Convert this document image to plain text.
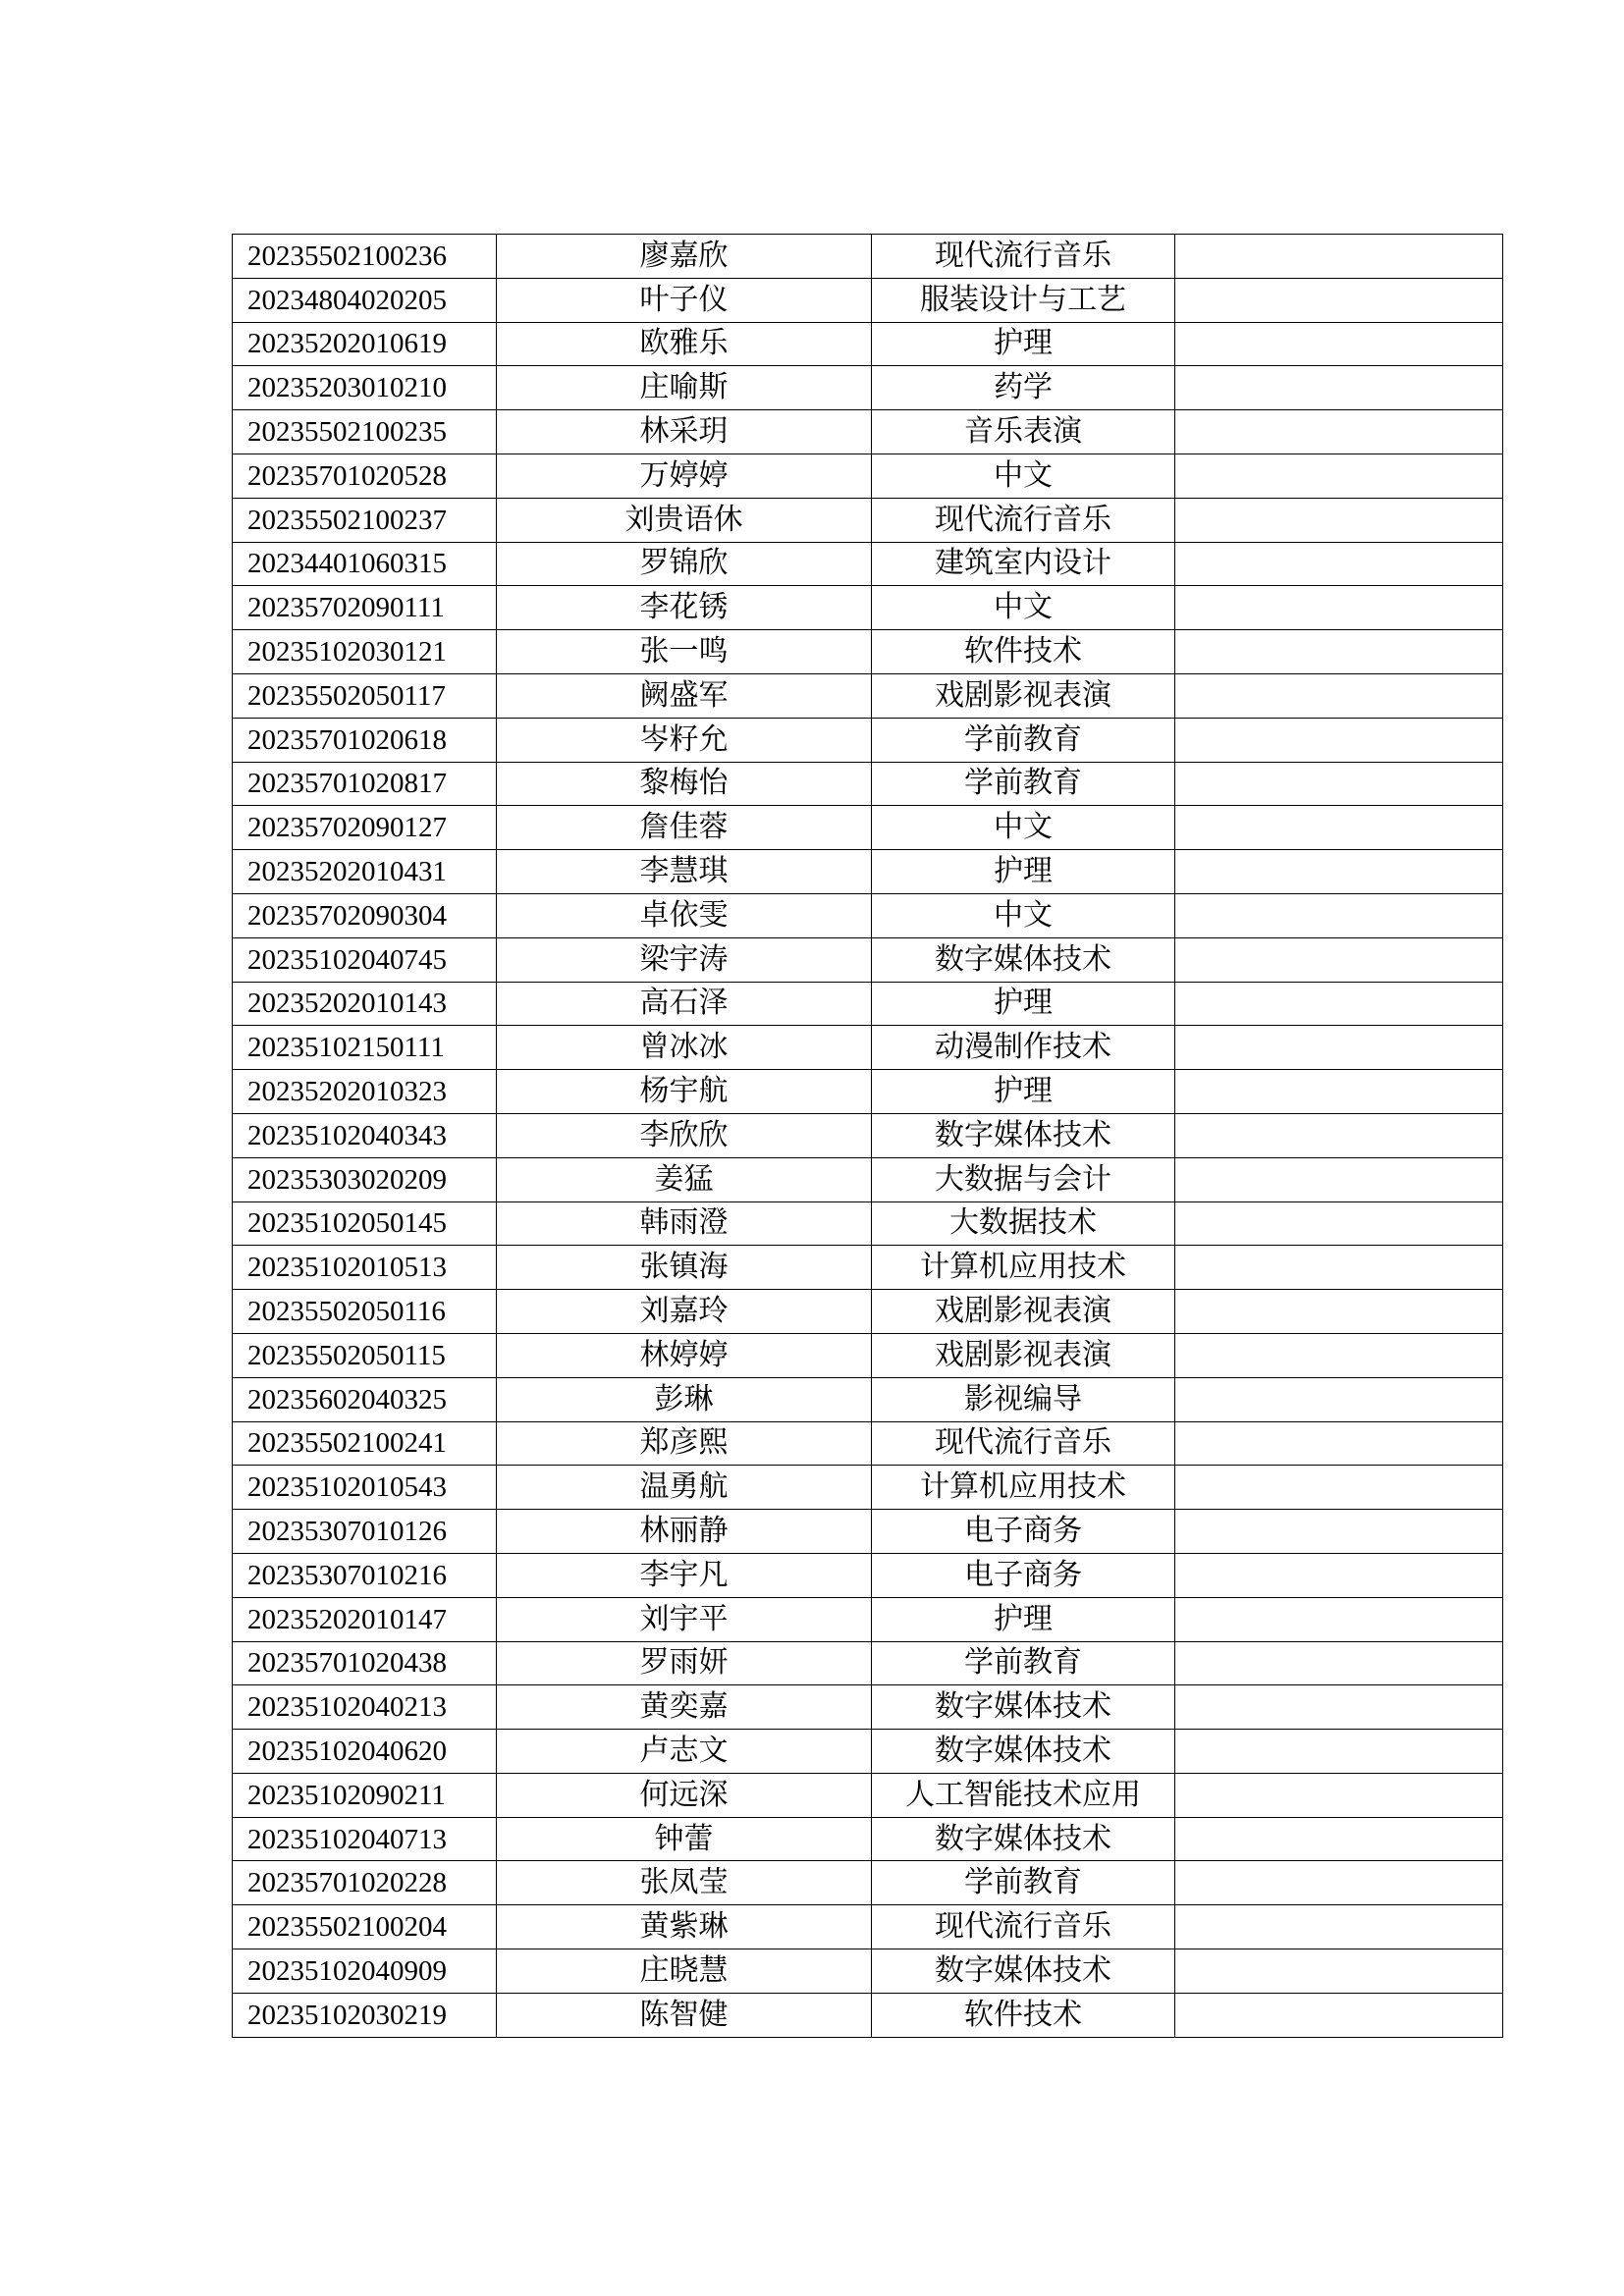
20235502100236	廖嘉欣	现代流行音乐	
20234804020205	叶子仪	服装设计与工艺	
20235202010619	欧雅乐	护理	
20235203010210	庄喻斯	药学	
20235502100235	林采玥	音乐表演	
20235701020528	万婷婷	中文	
20235502100237	刘贵语休	现代流行音乐	
20234401060315	罗锦欣	建筑室内设计	
20235702090111	李花锈	中文	
20235102030121	张一鸣	软件技术	
20235502050117	阙盛军	戏剧影视表演	
20235701020618	岑籽允	学前教育	
20235701020817	黎梅怡	学前教育	
20235702090127	詹佳蓉	中文	
20235202010431	李慧琪	护理	
20235702090304	卓依雯	中文	
20235102040745	梁宇涛	数字媒体技术	
20235202010143	高石泽	护理	
20235102150111	曾冰冰	动漫制作技术	
20235202010323	杨宇航	护理	
20235102040343	李欣欣	数字媒体技术	
20235303020209	姜猛	大数据与会计	
20235102050145	韩雨澄	大数据技术	
20235102010513	张镇海	计算机应用技术	
20235502050116	刘嘉玲	戏剧影视表演	
20235502050115	林婷婷	戏剧影视表演	
20235602040325	彭琳	影视编导	
20235502100241	郑彦熙	现代流行音乐	
20235102010543	温勇航	计算机应用技术	
20235307010126	林丽静	电子商务	
20235307010216	李宇凡	电子商务	
20235202010147	刘宇平	护理	
20235701020438	罗雨妍	学前教育	
20235102040213	黄奕嘉	数字媒体技术	
20235102040620	卢志文	数字媒体技术	
20235102090211	何远深	人工智能技术应用	
20235102040713	钟蕾	数字媒体技术	
20235701020228	张凤莹	学前教育	
20235502100204	黄紫琳	现代流行音乐	
20235102040909	庄晓慧	数字媒体技术	
20235102030219	陈智健	软件技术	
